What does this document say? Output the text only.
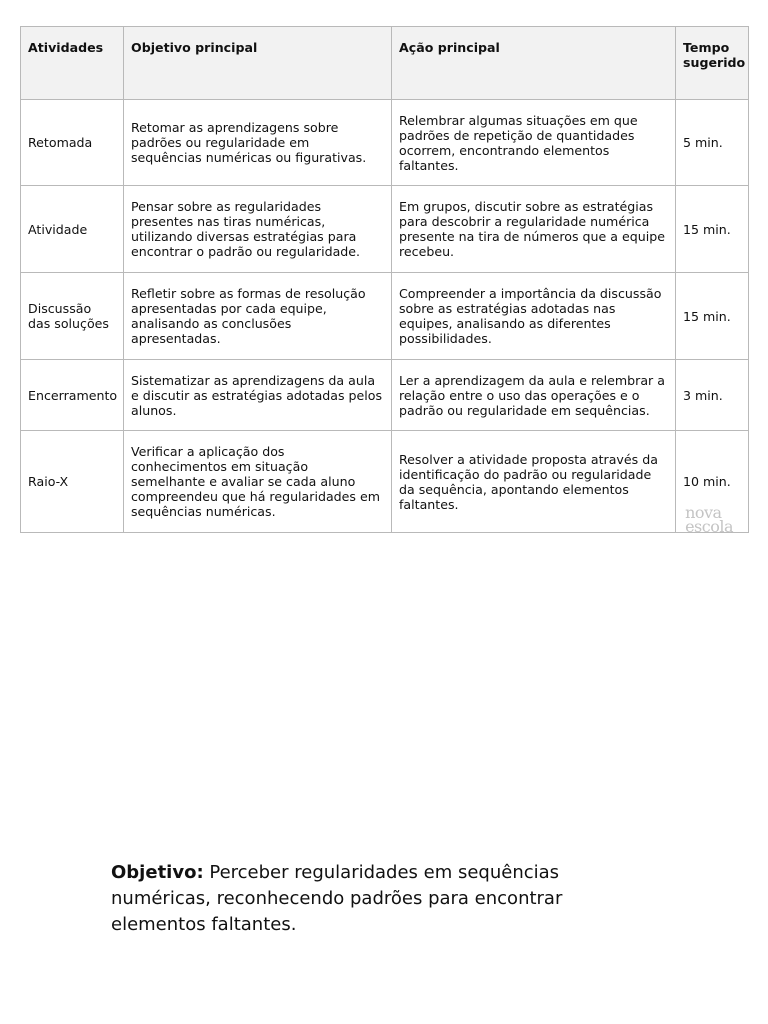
Atividades	Objetivo principal	Ação principal	Tempo sugerido
Retomada	Retomar as aprendizagens sobre padrões ou regularidade em sequências numéricas ou figurativas.	Relembrar algumas situações em que padrões de repetição de quantidades ocorrem, encontrando elementos faltantes.	5 min.
Atividade	Pensar sobre as regularidades presentes nas tiras numéricas, utilizando diversas estratégias para encontrar o padrão ou regularidade.	Em grupos, discutir sobre as estratégias para descobrir a regularidade numérica presente na tira de números que a equipe recebeu.	15 min.
Discussão das soluções	Refletir sobre as formas de resolução apresentadas por cada equipe, analisando as conclusões apresentadas.	Compreender a importância da discussão sobre as estratégias adotadas nas equipes, analisando as diferentes possibilidades.	15 min.
Encerramento	Sistematizar as aprendizagens da aula e discutir as estratégias adotadas pelos alunos.	Ler a aprendizagem da aula e relembrar a relação entre o uso das operações e o padrão ou regularidade em sequências.	3 min.
Raio-X	Verificar a aplicação dos conhecimentos em situação semelhante e avaliar se cada aluno compreendeu que há regularidades em sequências numéricas.	Resolver a atividade proposta através da identificação do padrão ou regularidade da sequência, apontando elementos faltantes.	10 min.
nova
escola

Objetivo: Perceber regularidades em sequências numéricas, reconhecendo padrões para encontrar elementos faltantes.
